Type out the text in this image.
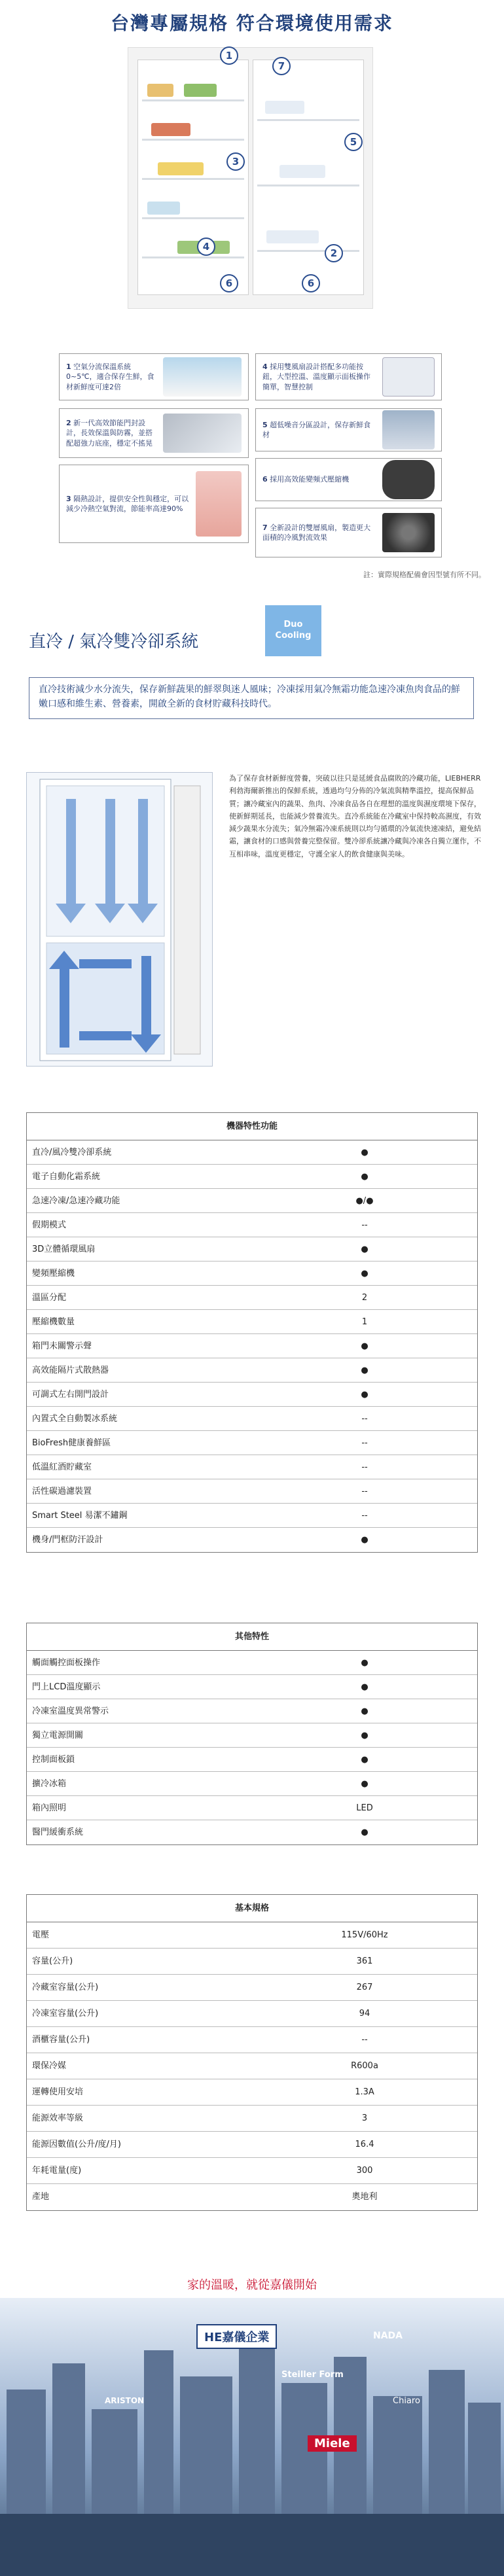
台灣專屬規格 符合環境使用需求
1
7
3
5
4
2
6	6
1 空氣分流保溫系統0~5℃，適合保存生鮮，食材新鮮度可達2倍
4 採用雙風扇設計搭配多功能按鈕，大型控溫、溫度顯示面板操作簡單，智慧控制
2 新一代高效節能門封設計，長效保溫與防霧，並搭配超強力底座，穩定不搖晃
5 超低噪音分區設計，保存新鮮食材
3 隔熱設計，提供安全性與穩定，可以減少冷熱空氣對流，節能率高達90%
6 採用高效能變頻式壓縮機
7 全新設計的雙層風扇，製造更大面積的冷風對流效果
註：實際規格配備會因型號有所不同。
直冷 / 氣冷雙冷卻系統
Duo
Cooling
直冷技術減少水分流失，保存新鮮蔬果的鮮翠與迷人風味；冷凍採用氣冷無霜功能急速冷凍魚肉食品的鮮嫩口感和維生素、營養素，開啟全新的食材貯藏科技時代。
為了保存食材新鮮度營養，突破以往只是延緩食品腐敗的冷藏功能，LIEBHERR 利勃海爾新推出的保鮮系統，透過均勻分佈的冷氣流與精準溫控，提高保鮮品質；讓冷藏室內的蔬果、魚肉、冷凍食品各自在理想的溫度與濕度環境下保存，使新鮮期延長，也能減少營養流失。直冷系統能在冷藏室中保持較高濕度，有效減少蔬果水分流失；氣冷無霜冷凍系統則以均勻循環的冷氣流快速凍結，避免結霜，讓食材的口感與營養完整保留。雙冷卻系統讓冷藏與冷凍各自獨立運作，不互相串味，溫度更穩定，守護全家人的飲食健康與美味。
機器特性功能
直冷/風冷雙冷卻系統	●
電子自動化霜系統	●
急速冷凍/急速冷藏功能	●/●
假期模式	--
3D立體循環風扇	●
變頻壓縮機	●
溫區分配	2
壓縮機數量	1
箱門未關警示聲	●
高效能隔片式散熱器	●
可調式左右開門設計	●
內置式全自動製冰系統	--
BioFresh健康養鮮區	--
低溫紅酒貯藏室	--
活性碳過濾裝置	--
Smart Steel 易潔不鏽鋼	--
機身/門框防汗設計	●
其他特性
觸面觸控面板操作	●
門上LCD溫度顯示	●
冷凍室溫度異常警示	●
獨立電源開關	●
控制面板鎖	●
擴冷冰箱	●
箱內照明	LED
醫門緩衝系統	●
基本規格
電壓	115V/60Hz
容量(公升)	361
冷藏室容量(公升)	267
冷凍室容量(公升)	94
酒櫃容量(公升)	--
環保冷媒	R600a
運轉使用安培	1.3A
能源效率等級	3
能源因數值(公升/度/月)	16.4
年耗電量(度)	300
產地	奧地利
家的溫暖，就從嘉儀開始
HE嘉儀企業
Steiller Form
Miele
ARISTON	Chiaro
NADA
